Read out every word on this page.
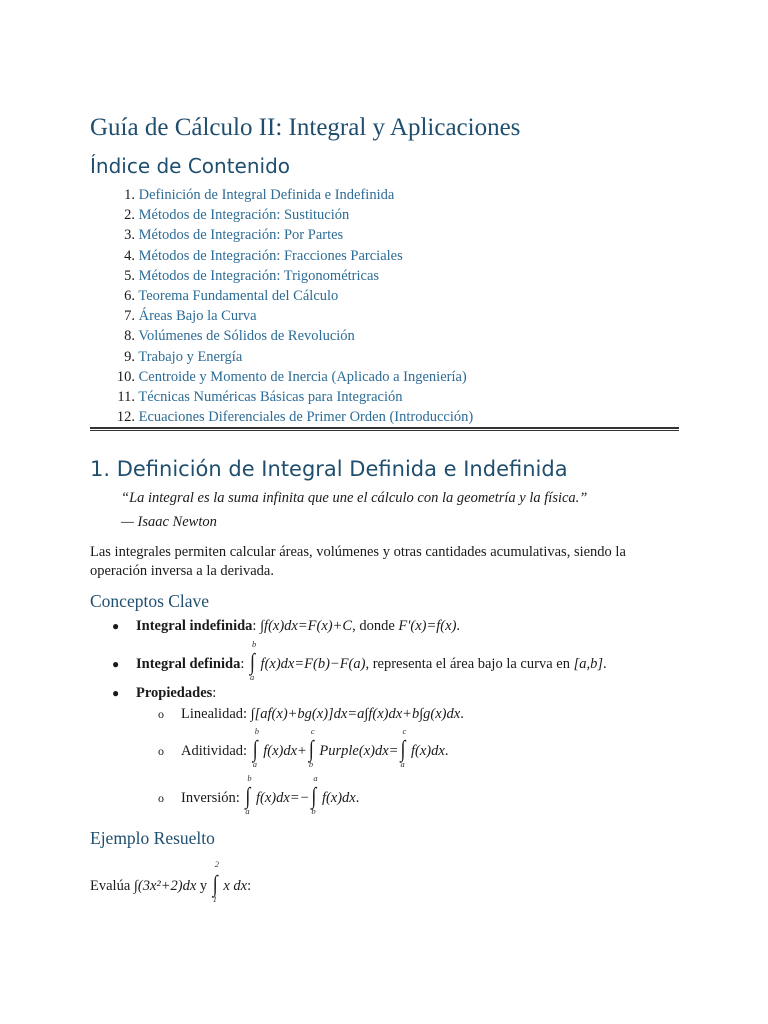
Guía de Cálculo II: Integral y Aplicaciones
Índice de Contenido
1. Definición de Integral Definida e Indefinida
2. Métodos de Integración: Sustitución
3. Métodos de Integración: Por Partes
4. Métodos de Integración: Fracciones Parciales
5. Métodos de Integración: Trigonométricas
6. Teorema Fundamental del Cálculo
7. Áreas Bajo la Curva
8. Volúmenes de Sólidos de Revolución
9. Trabajo y Energía
10. Centroide y Momento de Inercia (Aplicado a Ingeniería)
11. Técnicas Numéricas Básicas para Integración
12. Ecuaciones Diferenciales de Primer Orden (Introducción)
1. Definición de Integral Definida e Indefinida

“La integral es la suma infinita que une el cálculo con la geometría y la física.”

— Isaac Newton

Las integrales permiten calcular áreas, volúmenes y otras cantidades acumulativas, siendo la operación inversa a la derivada.

Conceptos Clave
● Integral indefinida: ∫f(x)dx=F(x)+C, donde F′(x)=f(x).
● Integral definida:
b
∫
a
f(x)dx=F(b)−F(a), representa el área bajo la curva en [a,b].
● Propiedades:
o Linealidad: ∫[af(x)+bg(x)]dx=a∫f(x)dx+b∫g(x)dx.
o Aditividad:
b
∫
a
f(x)dx+
c
∫
b
Purple(x)dx=
c
∫
a
f(x)dx.
o Inversión:
b
∫
a
f(x)dx=−
a
∫
b
f(x)dx.
Ejemplo Resuelto
Evalúa ∫(3x²+2)dx y
2
∫
1
x dx:
